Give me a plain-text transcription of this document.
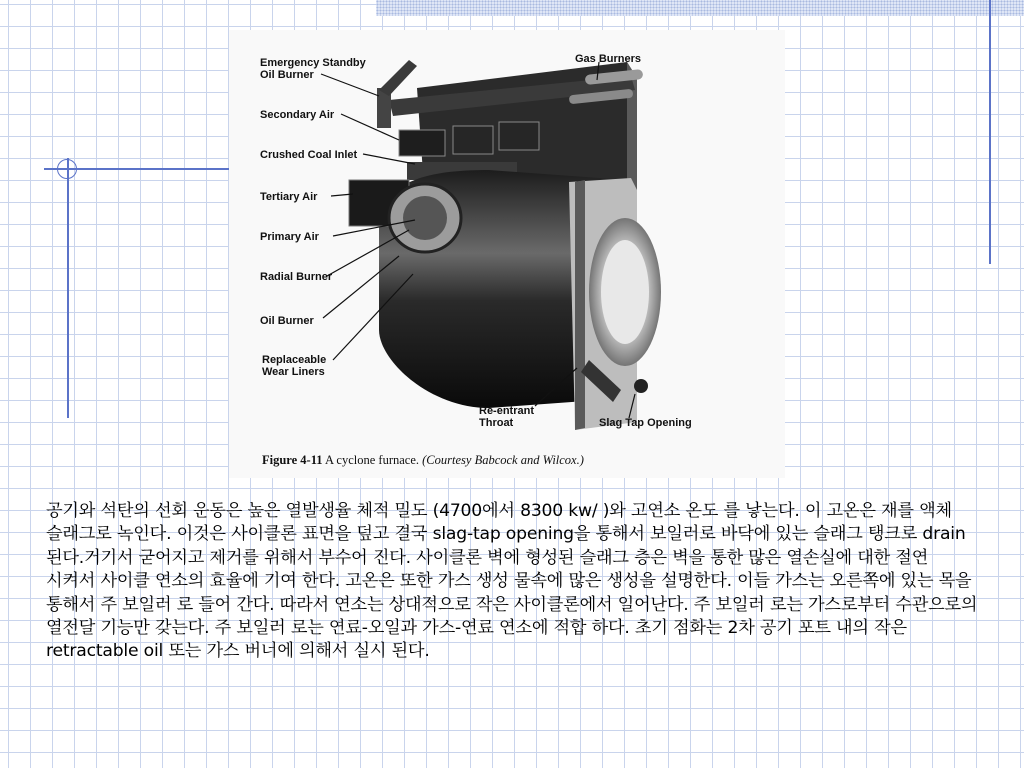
Emergency Standby
Oil Burner
Gas Burners
Secondary Air
Crushed Coal Inlet
Tertiary Air
Primary Air
Radial Burner
Oil Burner
Replaceable
Wear Liners
Re-entrant
Throat	Slag Tap Opening
Figure 4-11 A cyclone furnace. (Courtesy Babcock and Wilcox.)

공기와 석탄의 선회 운동은 높은 열발생율 체적 밀도 (4700에서 8300 kw/ )와 고연소 온도 를 낳는다. 이 고온은 재를 액체 슬래그로 녹인다. 이것은 사이클론 표면을 덮고 결국 slag-tap opening을 통해서 보일러로 바닥에 있는 슬래그 탱크로 drain 된다.거기서 굳어지고 제거를 위해서 부수어 진다. 사이클론 벽에 형성된 슬래그 층은 벽을 통한 많은 열손실에 대한 절연 시켜서 사이클 연소의 효율에 기여 한다. 고온은 또한 가스 생성 물속에 많은 생성을 설명한다. 이들 가스는 오른쪽에 있는 목을 통해서 주 보일러 로 들어 간다. 따라서 연소는 상대적으로 작은 사이클론에서 일어난다. 주 보일러 로는 가스로부터 수관으로의 열전달 기능만 갖는다. 주 보일러 로는 연료-오일과 가스-연료 연소에 적합 하다. 초기 점화는 2차 공기 포트 내의 작은 retractable oil 또는 가스 버너에 의해서 실시 된다.
